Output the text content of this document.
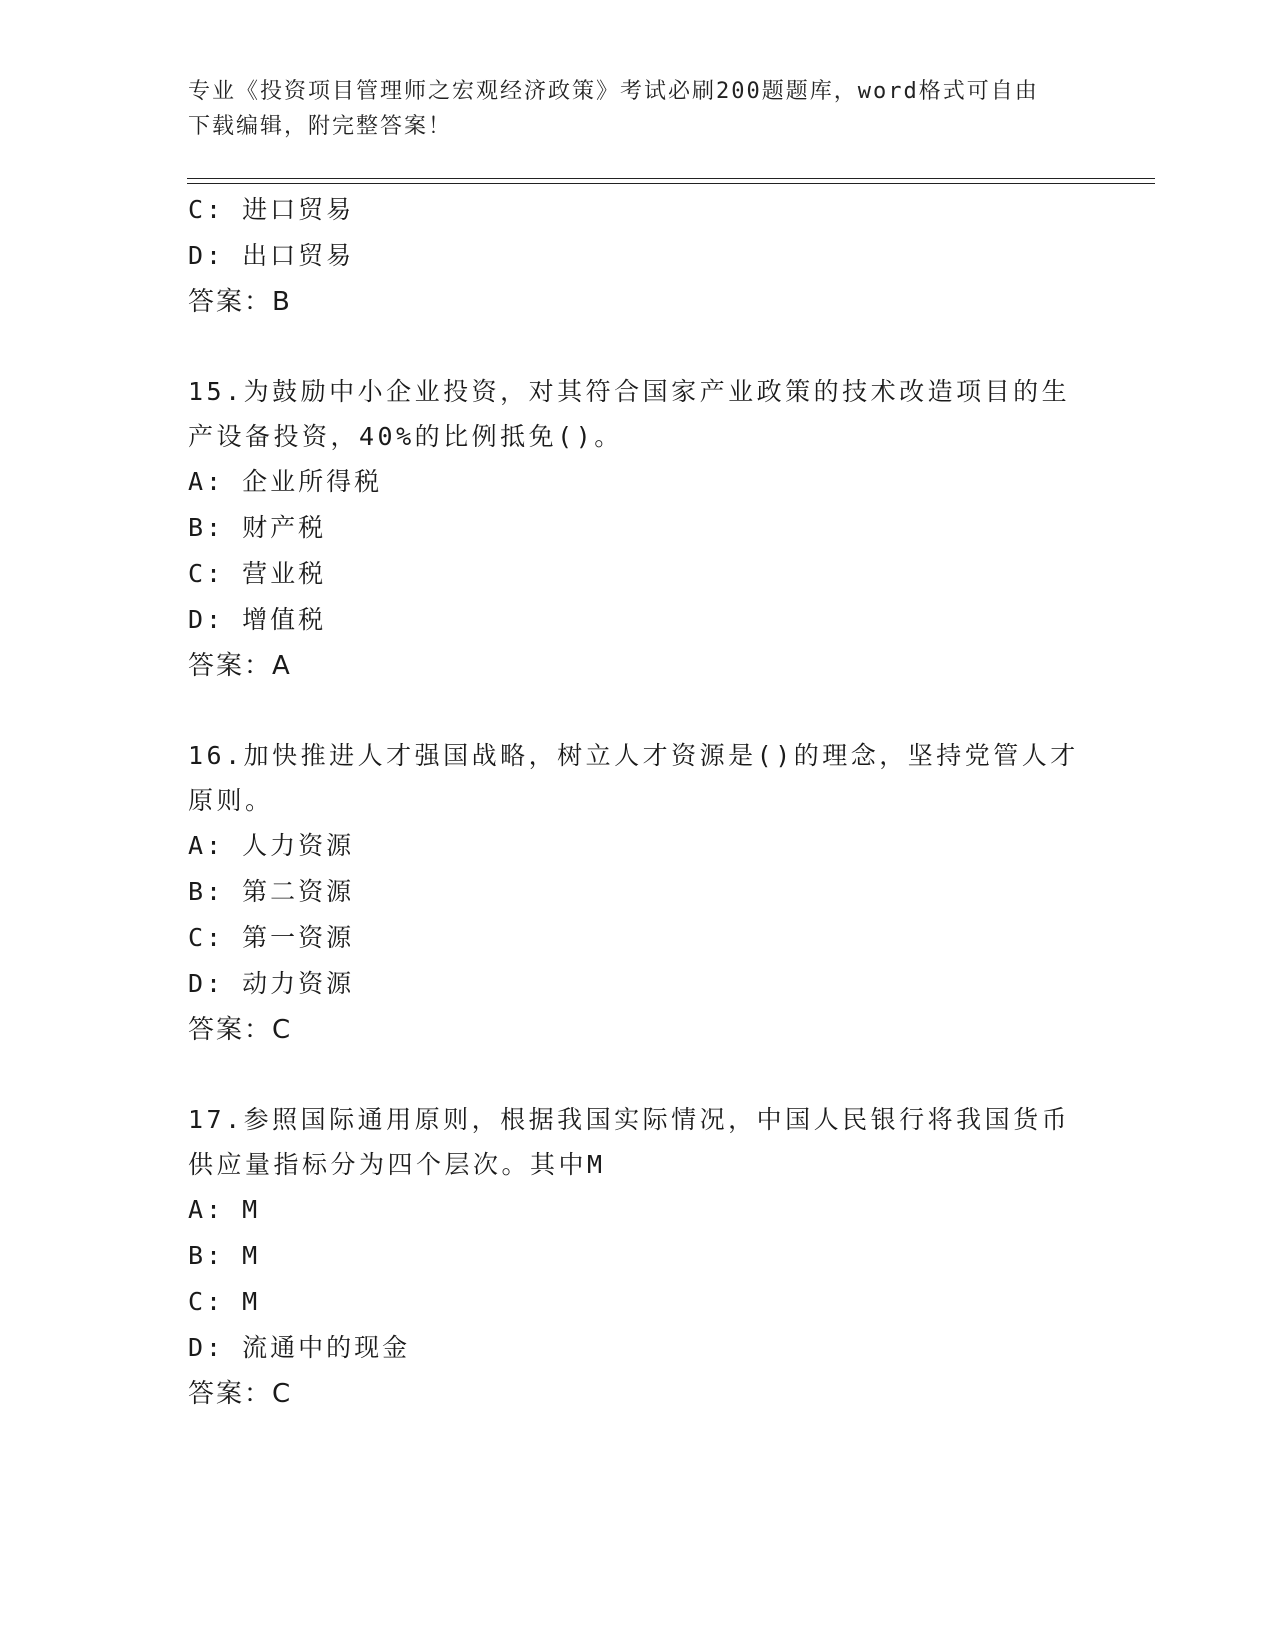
专业《投资项目管理师之宏观经济政策》考试必刷200题题库，word格式可自由
下载编辑，附完整答案！
C: 进口贸易
D: 出口贸易
答案：B
15.为鼓励中小企业投资，对其符合国家产业政策的技术改造项目的生
产设备投资，40%的比例抵免()。
A: 企业所得税
B: 财产税
C: 营业税
D: 增值税
答案：A
16.加快推进人才强国战略，树立人才资源是()的理念，坚持党管人才
原则。
A: 人力资源
B: 第二资源
C: 第一资源
D: 动力资源
答案：C
17.参照国际通用原则，根据我国实际情况，中国人民银行将我国货币
供应量指标分为四个层次。其中M
A: M
B: M
C: M
D: 流通中的现金
答案：C
